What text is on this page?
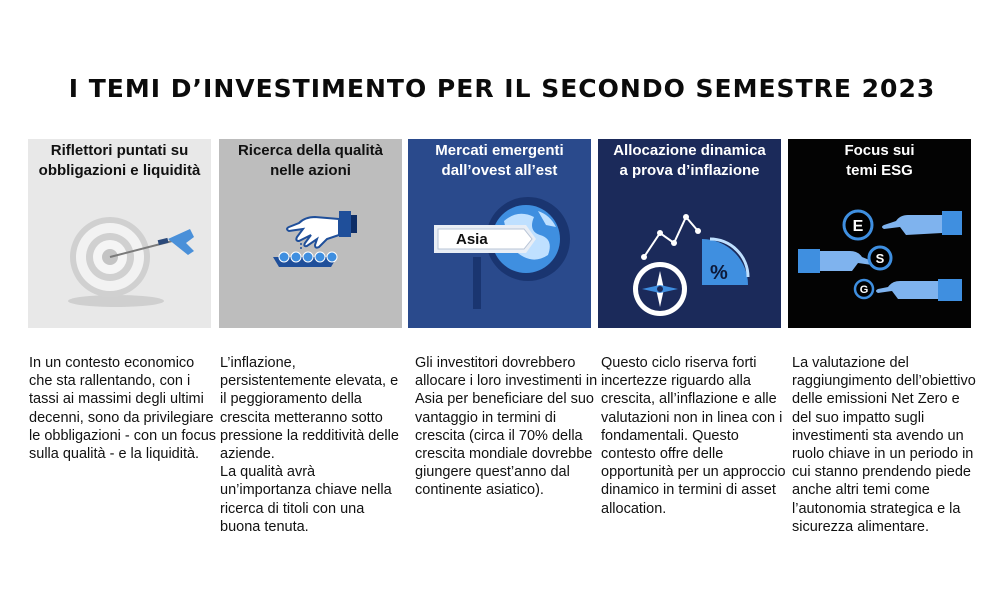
I TEMI D’INVESTIMENTO PER IL SECONDO SEMESTRE 2023
Riflettori puntati su
obbligazioni e liquidità
Ricerca della qualità
nelle azioni
Mercati emergenti
dall’ovest all’est
Asia
Allocazione dinamica
a prova d’inflazione
%
Focus sui
temi ESG
E
S
G
In un contesto economico che sta rallentando, con i tassi ai massimi degli ultimi decenni, sono da privilegiare le obbligazioni - con un focus sulla qualità - e la liquidità.
L’inflazione, persistentemente elevata, e il peggioramento della crescita metteranno sotto pressione la redditività delle aziende.
La qualità avrà un’importanza chiave nella ricerca di titoli con una buona tenuta.
Gli investitori dovrebbero allocare i loro investimenti in Asia per beneficiare del suo vantaggio in termini di crescita (circa il 70% della crescita mondiale dovrebbe giungere quest’anno dal continente asiatico).
Questo ciclo riserva forti incertezze riguardo alla crescita, all’inflazione e alle valutazioni non in linea con i fondamentali. Questo contesto offre delle opportunità per un approccio dinamico in termini di asset allocation.
La valutazione del raggiungimento dell’obiettivo delle emissioni Net Zero e del suo impatto sugli investimenti sta avendo un ruolo chiave in un periodo in cui stanno prendendo piede anche altri temi come l’autonomia strategica e la sicurezza alimentare.
